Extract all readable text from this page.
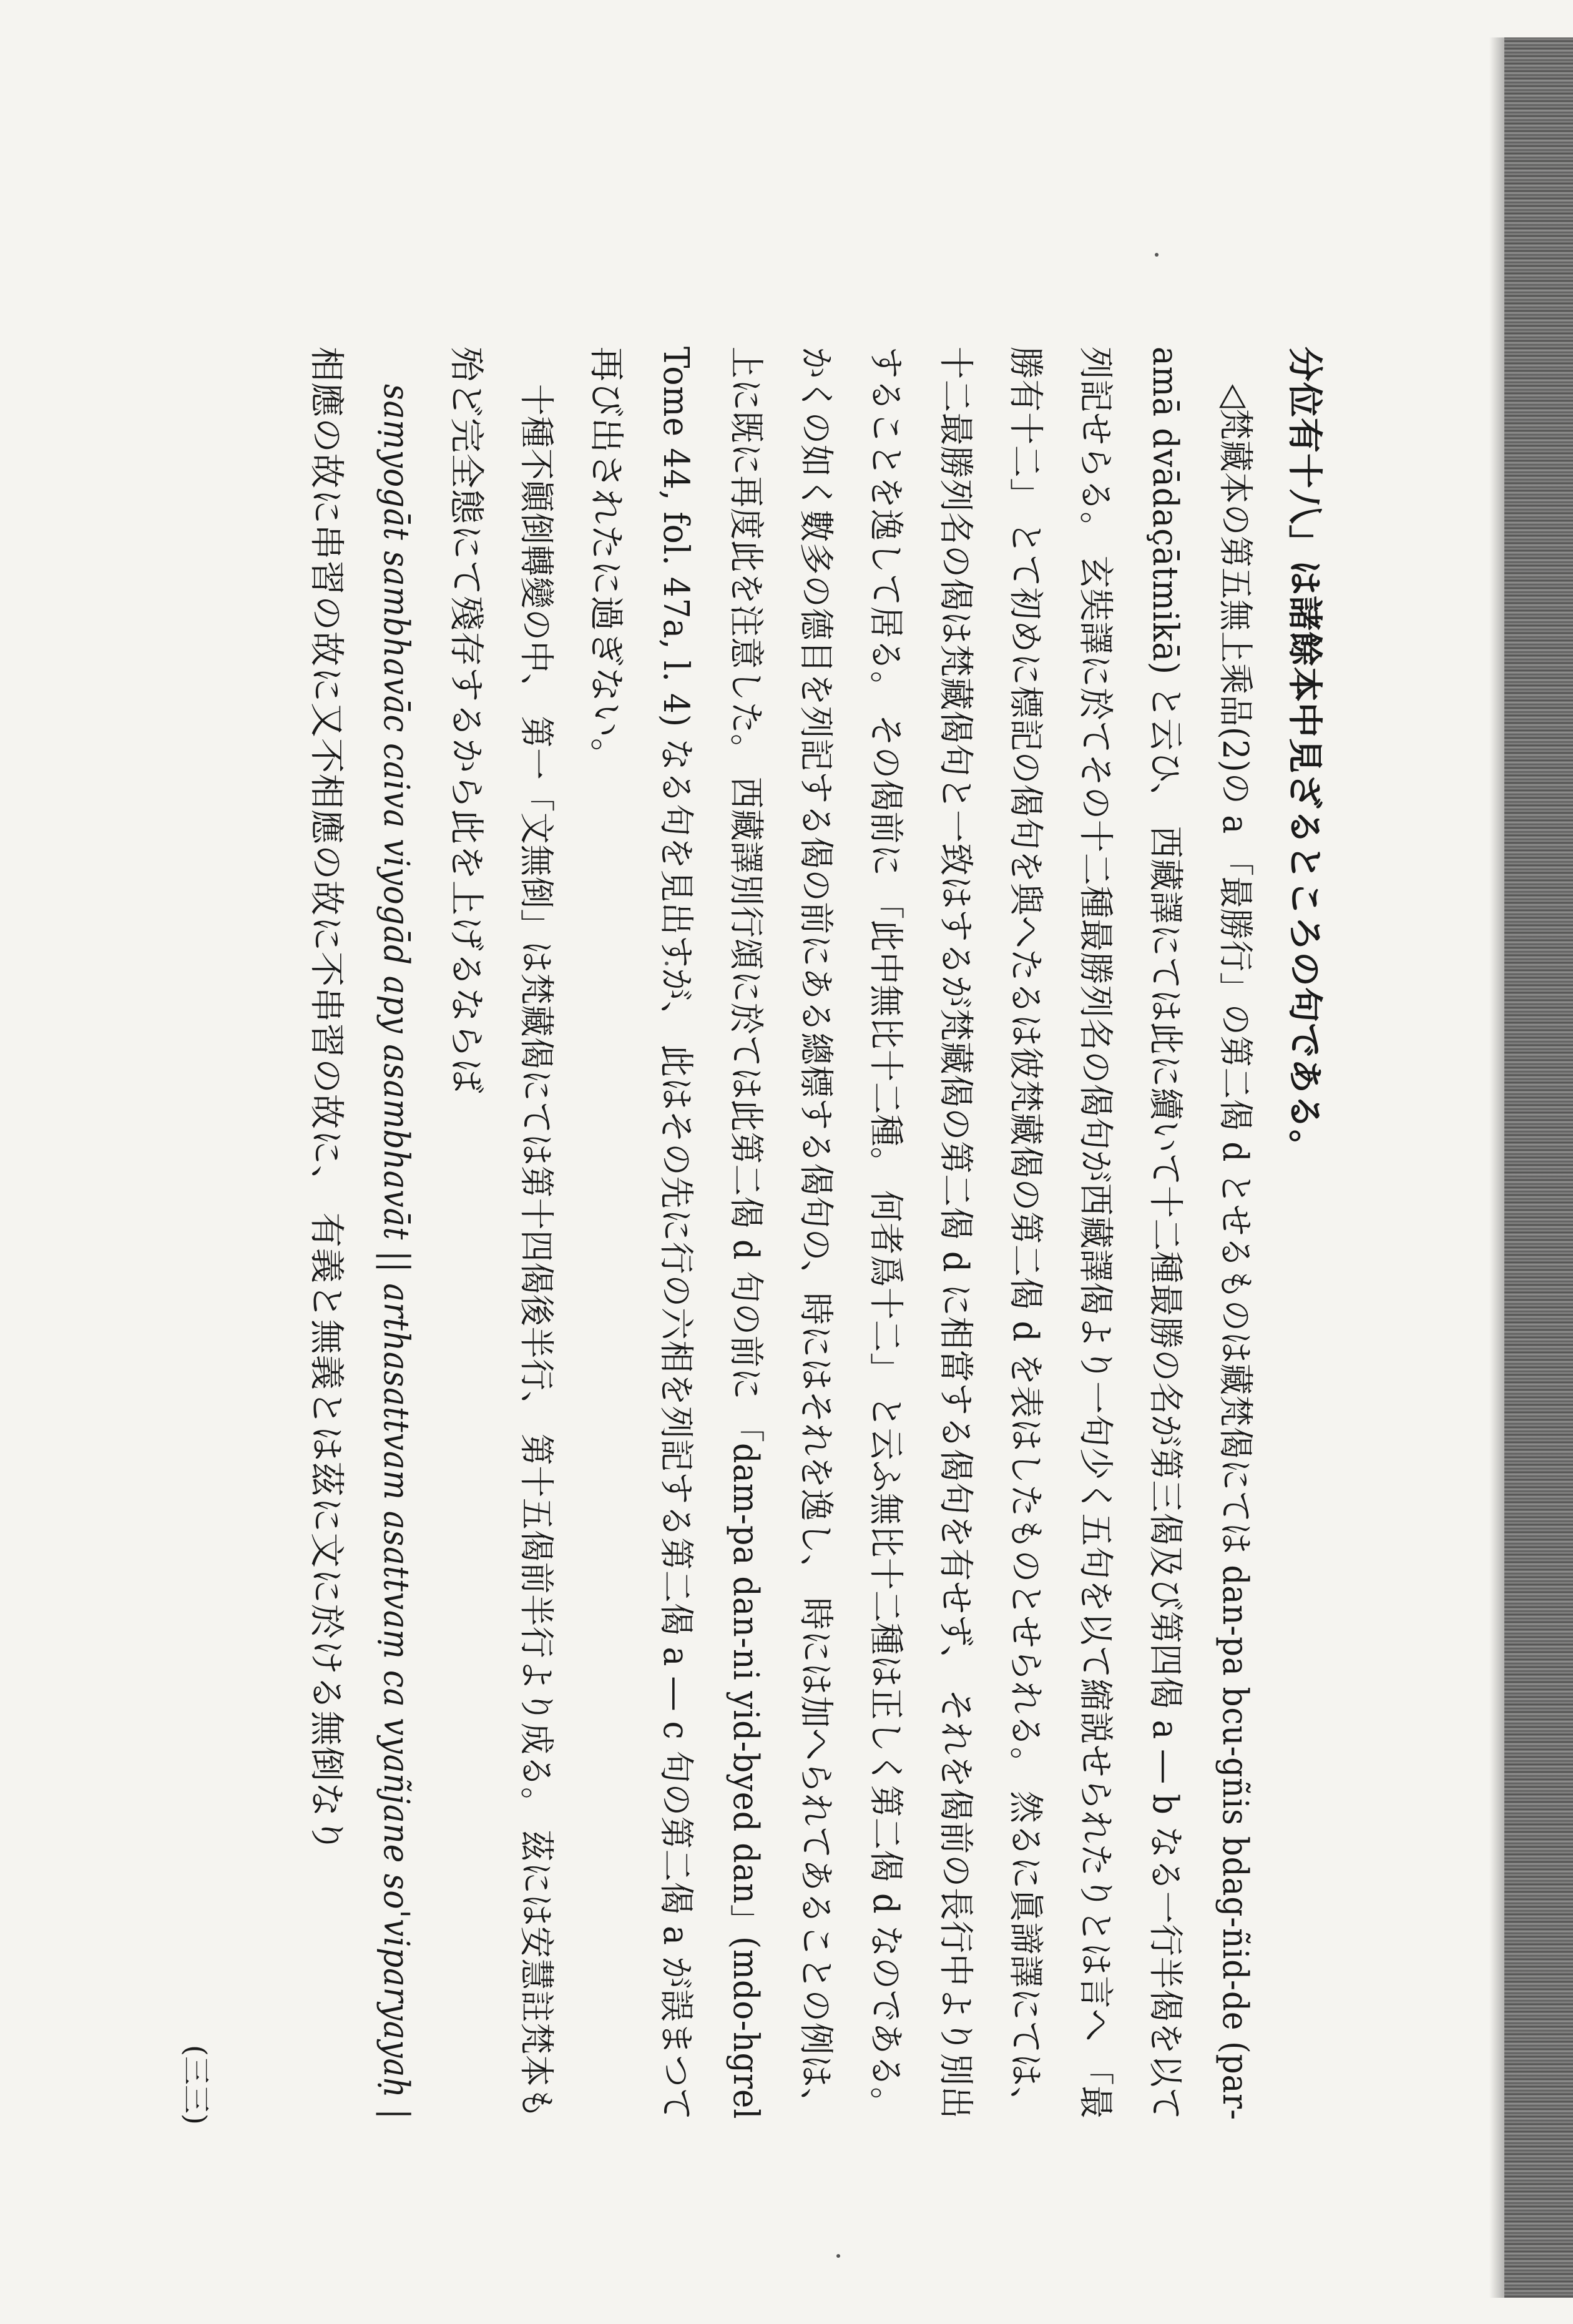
分位有十八」は諸餘本中見ざるところの句である。
◁梵藏本の第五無上乘品(2)の a 「最勝行」の第二偈 d とせるものは藏梵偈にては dan-pa bcu-gñis bdag-ñid-de (par-
amā dvādaçātmikā) と云ひ、 西藏譯にては此に續いて十二種最勝の名が第三偈及び第四偈 a ― b なる一行半偈を以て
列記せらる。 玄奘譯に於てその十二種最勝列名の偈句が西藏譯偈より一句少く五句を以て縮説せられたりとは言へ 「最
勝有十二」 とて初めに標記の偈句を與へたるは彼梵藏偈の第二偈 d を表はしたものとせられる。 然るに眞諦譯にては、
十二最勝列名の偈は梵藏偈句と一致はするが梵藏偈の第二偈 d に相當する偈句を有せず、 それを偈前の長行中より別出
することを逸して居る。 その偈前に 「此中無比十二種。 何者爲十二」 と云ふ無比十二種は正しく第二偈 d なのである。
かくの如く數多の德目を列記する偈の前にある總標する偈句の、時にはそれを逸し、 時には加へられてあることの例は、
上に既に再度此を注意した。 西藏譯別行頌に於ては此第二偈 d 句の前に 「dam-pa dan-ni yid-byed dan」(mdo-hgrel
Tome 44, fol. 47a, l. 4) なる句を見出すが、 此はその先に行の六相を列記する第二偈 a ― c 句の第二偈 a が誤まつて
再び出されたに過ぎない。
十種不顚倒轉變の中、 第一「文無倒」は梵藏偈にては第十四偈後半行、 第十五偈前半行より成る。 茲には安慧註梵本も
殆ど完全態にて殘存するから此を上げるならば
saṃyogāt sambhavāc caiva viyogād apy asambhavāt || arthasattvam asattvaṃ ca vyañjane so'viparyayaḥ |
相應の故に串習の故に又不相應の故に不串習の故に、 有義と無義とは茲に文に於ける無倒なり
(三三)
